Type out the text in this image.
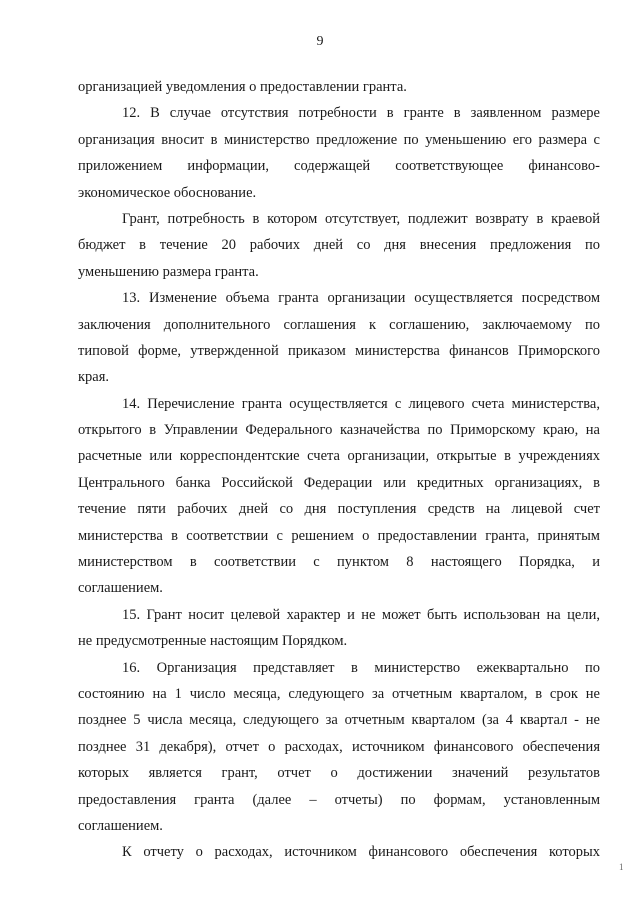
9
организацией уведомления о предоставлении гранта.
12. В случае отсутствия потребности в гранте в заявленном размере
организация вносит в министерство предложение по уменьшению его размера с
приложением информации, содержащей соответствующее финансово-
экономическое обоснование.
Грант, потребность в котором отсутствует, подлежит возврату в краевой
бюджет в течение 20 рабочих дней со дня внесения предложения по
уменьшению размера гранта.
13. Изменение объема гранта организации осуществляется посредством
заключения дополнительного соглашения к соглашению, заключаемому по
типовой форме, утвержденной приказом министерства финансов Приморского
края.
14. Перечисление гранта осуществляется с лицевого счета министерства,
открытого в Управлении Федерального казначейства по Приморскому краю, на
расчетные или корреспондентские счета организации, открытые в учреждениях
Центрального банка Российской Федерации или кредитных организациях, в
течение пяти рабочих дней со дня поступления средств на лицевой счет
министерства в соответствии с решением о предоставлении гранта, принятым
министерством в соответствии с пунктом 8 настоящего Порядка, и
соглашением.
15. Грант носит целевой характер и не может быть использован на цели,
не предусмотренные настоящим Порядком.
16. Организация представляет в министерство ежеквартально по
состоянию на 1 число месяца, следующего за отчетным кварталом, в срок не
позднее 5 числа месяца, следующего за отчетным кварталом (за 4 квартал - не
позднее 31 декабря), отчет о расходах, источником финансового обеспечения
которых является грант, отчет о достижении значений результатов
предоставления гранта (далее – отчеты) по формам, установленным
соглашением.
К отчету о расходах, источником финансового обеспечения которых
1
